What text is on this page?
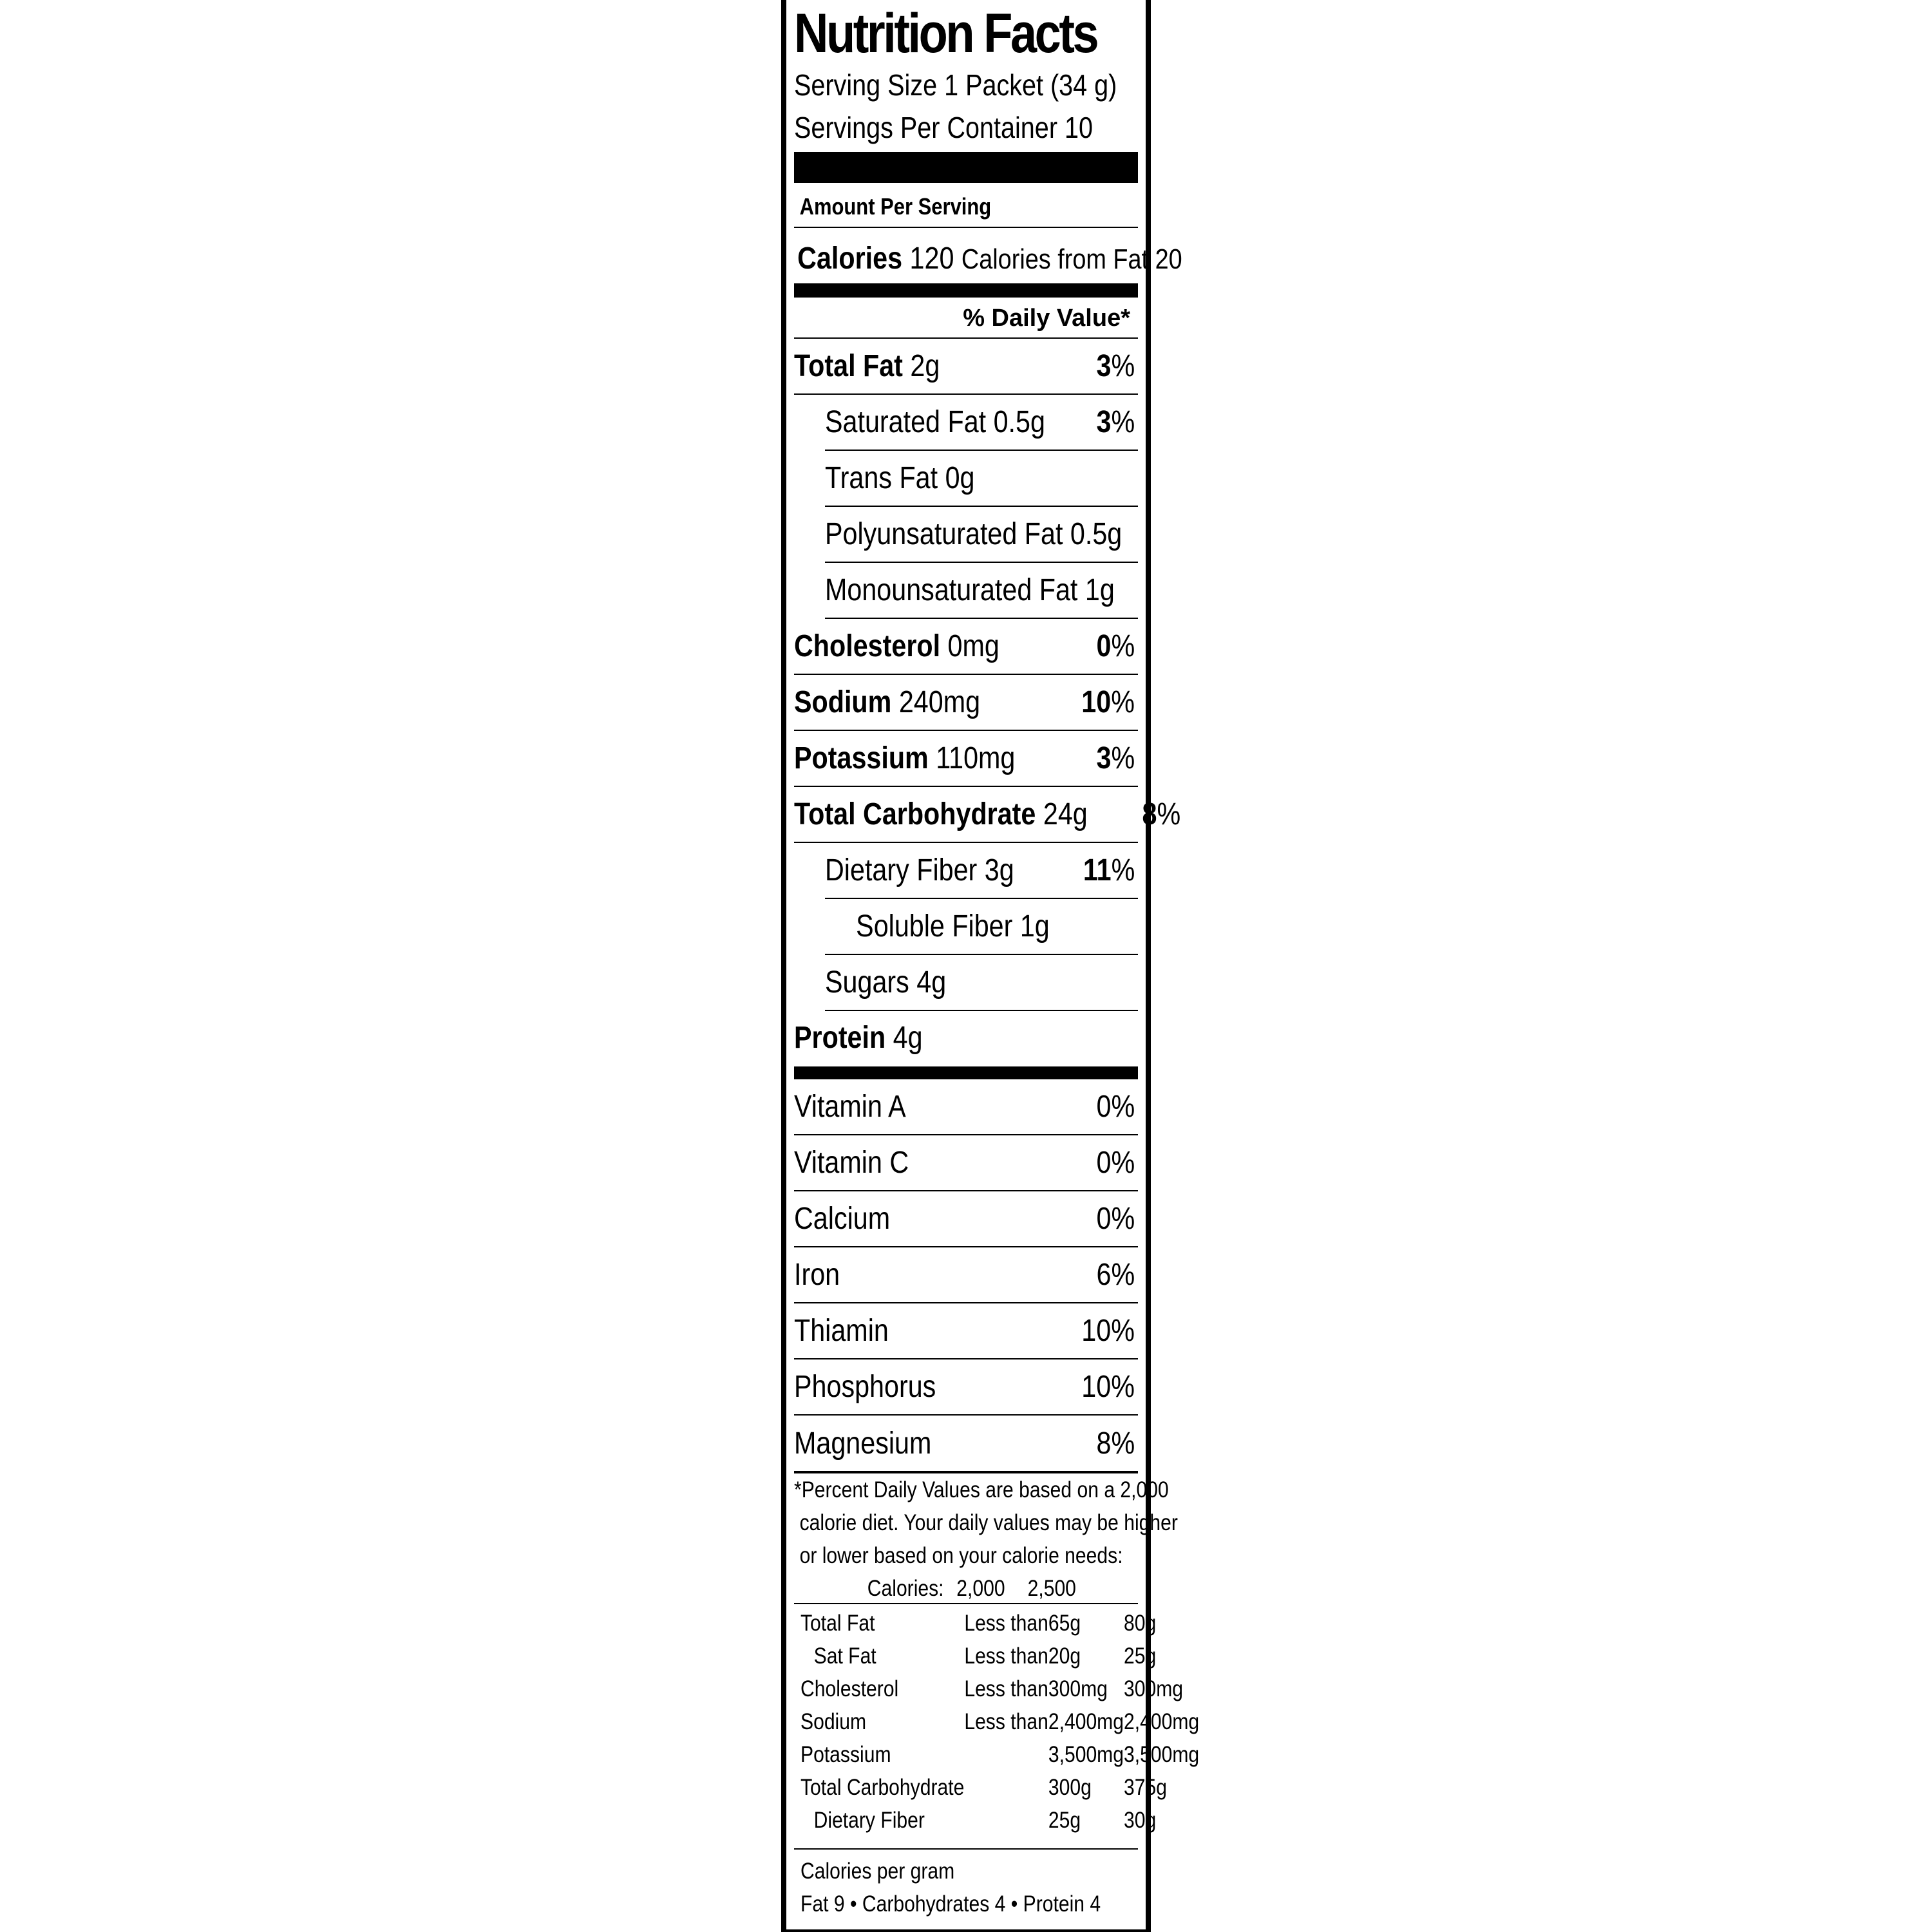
Nutrition Facts
Serving Size 1 Packet (34 g)
Servings Per Container 10
Amount Per Serving
Calories 120 Calories from Fat 20
% Daily Value*
Total Fat 2g	3%
Saturated Fat 0.5g 3%
Trans Fat 0g
Polyunsaturated Fat 0.5g
Monounsaturated Fat 1g
Cholesterol 0mg	0%
Sodium 240mg	10%
Potassium 110mg	3%
Total Carbohydrate 24g 8%
Dietary Fiber 3g 11%
Soluble Fiber 1g
Sugars 4g
Protein 4g
Vitamin A	0%
Vitamin C	0%
Calcium	0%
Iron	6%
Thiamin	10%
Phosphorus	10%
Magnesium	8%
*Percent Daily Values are based on a 2,000
calorie diet. Your daily values may be higher
or lower based on your calorie needs:
	Calories:	2,000	2,500
Total Fat	Less than	65g	80g
Sat Fat	Less than	20g	25g
Cholesterol	Less than	300mg	300mg
Sodium	Less than	2,400mg	2,400mg
Potassium		3,500mg	3,500mg
Total Carbohydrate		300g	375g
Dietary Fiber		25g	30g
Calories per gram
Fat 9 • Carbohydrates 4 • Protein 4
